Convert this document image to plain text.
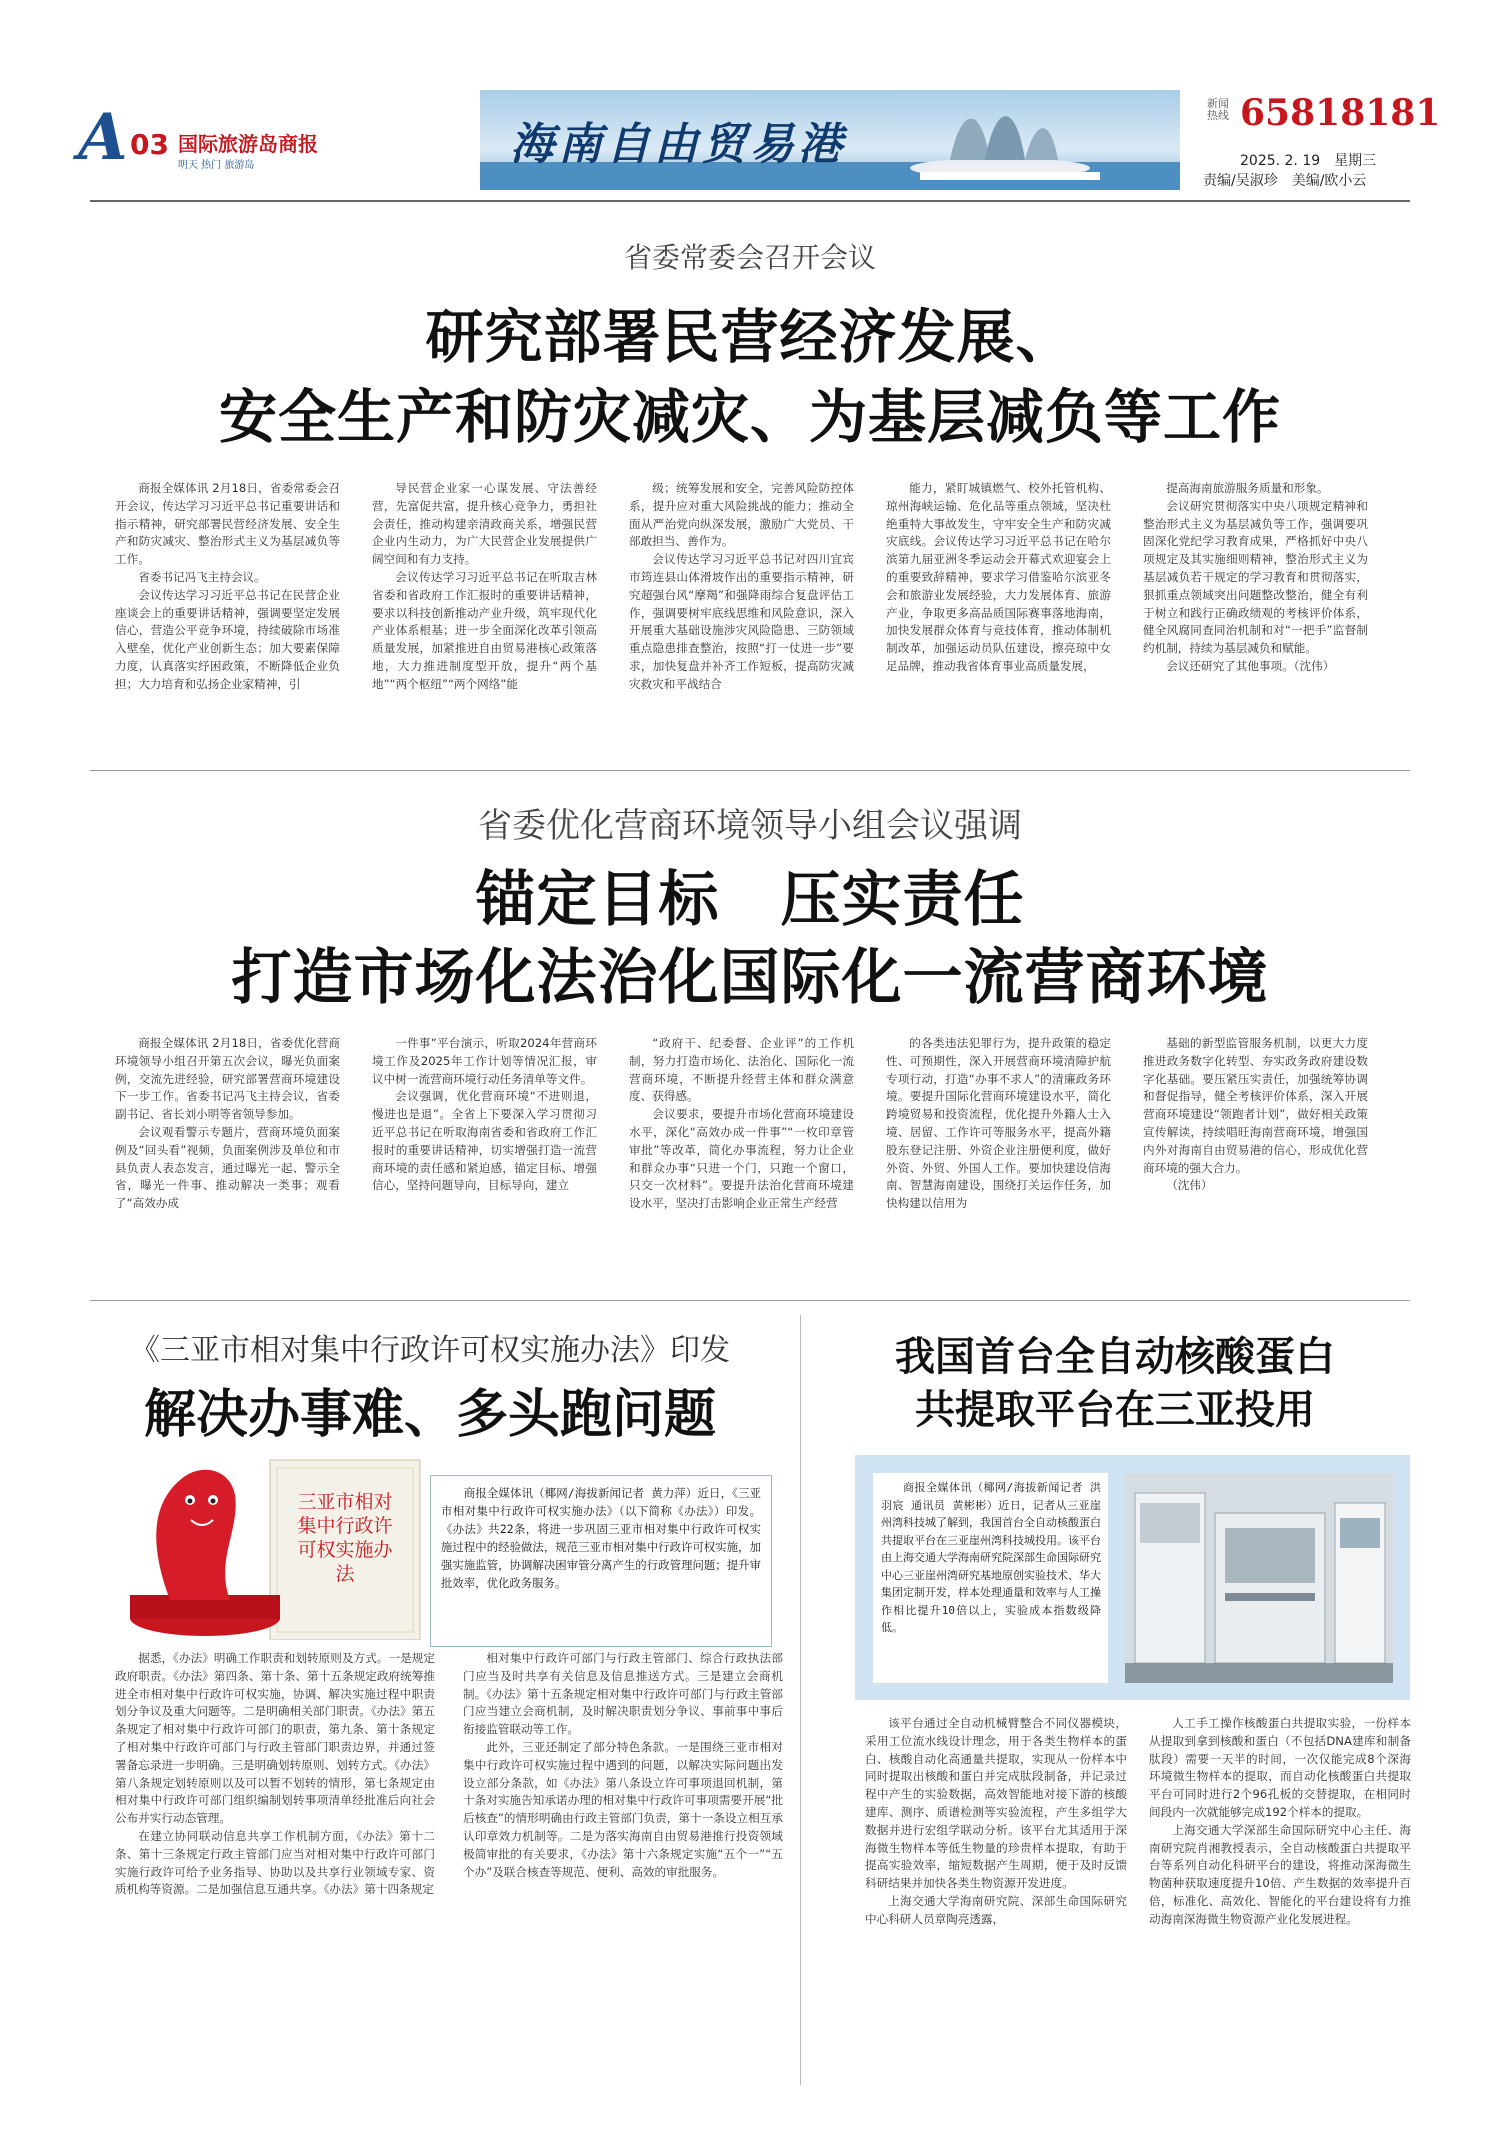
A 03 国际旅游岛商报
明天 热门 旅游岛	海南自由贸易港
新闻热线 65818181
2025. 2. 19　星期三
责编/吴淑珍　美编/欧小云
省委常委会召开会议
研究部署民营经济发展、
安全生产和防灾减灾、为基层减负等工作

商报全媒体讯 2月18日，省委常委会召开会议，传达学习习近平总书记重要讲话和指示精神，研究部署民营经济发展、安全生产和防灾减灾、整治形式主义为基层减负等工作。

省委书记冯飞主持会议。

会议传达学习习近平总书记在民营企业座谈会上的重要讲话精神，强调要坚定发展信心，营造公平竞争环境，持续破除市场准入壁垒，优化产业创新生态；加大要素保障力度，认真落实纾困政策，不断降低企业负担；大力培育和弘扬企业家精神，引

导民营企业家一心谋发展、守法善经营，先富促共富，提升核心竞争力，勇担社会责任，推动构建亲清政商关系，增强民营企业内生动力，为广大民营企业发展提供广阔空间和有力支持。

会议传达学习习近平总书记在听取吉林省委和省政府工作汇报时的重要讲话精神，要求以科技创新推动产业升级，筑牢现代化产业体系根基；进一步全面深化改革引领高质量发展，加紧推进自由贸易港核心政策落地，大力推进制度型开放，提升“两个基地”“两个枢纽”“两个网络”能

级；统筹发展和安全，完善风险防控体系，提升应对重大风险挑战的能力；推动全面从严治党向纵深发展，激励广大党员、干部敢担当、善作为。

会议传达学习习近平总书记对四川宜宾市筠连县山体滑坡作出的重要指示精神，研究超强台风“摩羯”和强降雨综合复盘评估工作，强调要树牢底线思维和风险意识，深入开展重大基础设施涉灾风险隐患、三防领域重点隐患排查整治，按照“打一仗进一步”要求，加快复盘并补齐工作短板，提高防灾减灾救灾和平战结合

能力，紧盯城镇燃气、校外托管机构、琼州海峡运输、危化品等重点领域，坚决杜绝重特大事故发生，守牢安全生产和防灾减灾底线。会议传达学习习近平总书记在哈尔滨第九届亚洲冬季运动会开幕式欢迎宴会上的重要致辞精神，要求学习借鉴哈尔滨亚冬会和旅游业发展经验，大力发展体育、旅游产业，争取更多高品质国际赛事落地海南，加快发展群众体育与竞技体育，推动体制机制改革，加强运动员队伍建设，擦亮琼中女足品牌，推动我省体育事业高质量发展，

提高海南旅游服务质量和形象。

会议研究贯彻落实中央八项规定精神和整治形式主义为基层减负等工作，强调要巩固深化党纪学习教育成果，严格抓好中央八项规定及其实施细则精神，整治形式主义为基层减负若干规定的学习教育和贯彻落实，狠抓重点领域突出问题整改整治，健全有利于树立和践行正确政绩观的考核评价体系，健全风腐同查同治机制和对“一把手”监督制约机制，持续为基层减负和赋能。

会议还研究了其他事项。（沈伟）

省委优化营商环境领导小组会议强调
锚定目标　压实责任
打造市场化法治化国际化一流营商环境

商报全媒体讯 2月18日，省委优化营商环境领导小组召开第五次会议，曝光负面案例，交流先进经验，研究部署营商环境建设下一步工作。省委书记冯飞主持会议，省委副书记、省长刘小明等省领导参加。

会议观看警示专题片，营商环境负面案例及“回头看”视频，负面案例涉及单位和市县负责人表态发言，通过曝光一起、警示全省，曝光一件事、推动解决一类事；观看了“高效办成

一件事”平台演示，听取2024年营商环境工作及2025年工作计划等情况汇报，审议中树一流营商环境行动任务清单等文件。

会议强调，优化营商环境“不进则退，慢进也是退”。全省上下要深入学习贯彻习近平总书记在听取海南省委和省政府工作汇报时的重要讲话精神，切实增强打造一流营商环境的责任感和紧迫感，锚定目标、增强信心，坚持问题导向，目标导向，建立

“政府干、纪委督、企业评”的工作机制，努力打造市场化、法治化、国际化一流营商环境，不断提升经营主体和群众满意度、获得感。

会议要求，要提升市场化营商环境建设水平，深化“高效办成一件事”“一枚印章管审批”等改革，简化办事流程，努力让企业和群众办事“只进一个门，只跑一个窗口，只交一次材料”。要提升法治化营商环境建设水平，坚决打击影响企业正常生产经营

的各类违法犯罪行为，提升政策的稳定性、可预期性，深入开展营商环境清障护航专项行动，打造“办事不求人”的清廉政务环境。要提升国际化营商环境建设水平，简化跨境贸易和投资流程，优化提升外籍人士入境、居留、工作许可等服务水平，提高外籍股东登记注册、外资企业注册便利度，做好外资、外贸、外国人工作。要加快建设信海南、智慧海南建设，围绕打关运作任务，加快构建以信用为

基础的新型监管服务机制，以更大力度推进政务数字化转型、夯实政务政府建设数字化基础。要压紧压实责任，加强统筹协调和督促指导，健全考核评价体系，深入开展营商环境建设“领跑者计划”，做好相关政策宣传解读，持续唱旺海南营商环境，增强国内外对海南自由贸易港的信心，形成优化营商环境的强大合力。

（沈伟）

《三亚市相对集中行政许可权实施办法》印发
解决办事难、多头跑问题
三亚市相对集中行政许可权实施办法

商报全媒体讯（椰网/海拔新闻记者 黄力萍）近日，《三亚市相对集中行政许可权实施办法》（以下简称《办法》）印发。《办法》共22条，将进一步巩固三亚市相对集中行政许可权实施过程中的经验做法，规范三亚市相对集中行政许可权实施，加强实施监管，协调解决困审管分离产生的行政管理问题；提升审批效率，优化政务服务。

据悉，《办法》明确工作职责和划转原则及方式。一是规定政府职责。《办法》第四条、第十条、第十五条规定政府统筹推进全市相对集中行政许可权实施，协调、解决实施过程中职责划分争议及重大问题等。二是明确相关部门职责。《办法》第五条规定了相对集中行政许可部门的职责，第九条、第十条规定了相对集中行政许可部门与行政主管部门职责边界，并通过签署备忘录进一步明确。三是明确划转原则、划转方式。《办法》第八条规定划转原则以及可以暂不划转的情形，第七条规定由相对集中行政许可部门组织编制划转事项清单经批准后向社会公布并实行动态管理。

在建立协同联动信息共享工作机制方面，《办法》第十二条、第十三条规定行政主管部门应当对相对集中行政许可部门实施行政许可给予业务指导、协助以及共享行业领域专家、资质机构等资源。二是加强信息互通共享。《办法》第十四条规定

相对集中行政许可部门与行政主管部门、综合行政执法部门应当及时共享有关信息及信息推送方式。三是建立会商机制。《办法》第十五条规定相对集中行政许可部门与行政主管部门应当建立会商机制，及时解决职责划分争议、事前事中事后衔接监管联动等工作。

此外，三亚还制定了部分特色条款。一是围绕三亚市相对集中行政许可权实施过程中遇到的问题，以解决实际问题出发设立部分条款，如《办法》第八条设立许可事项退回机制，第十条对实施告知承诺办理的相对集中行政许可事项需要开展“批后核查”的情形明确由行政主管部门负责，第十一条设立相互承认印章效力机制等。二是为落实海南自由贸易港推行投资领域极简审批的有关要求，《办法》第十六条规定实施“五个一”“五个办”及联合核查等规范、便利、高效的审批服务。

我国首台全自动核酸蛋白
共提取平台在三亚投用

商报全媒体讯（椰网/海拔新闻记者 洪羽宸 通讯员 黄彬彬）近日，记者从三亚崖州湾科技城了解到，我国首台全自动核酸蛋白共提取平台在三亚崖州湾科技城投用。该平台由上海交通大学海南研究院深部生命国际研究中心三亚崖州湾研究基地原创实验技术、华大集团定制开发，样本处理通量和效率与人工操作相比提升10倍以上，实验成本指数级降低。

该平台通过全自动机械臂整合不同仪器模块，采用工位流水线设计理念，用于各类生物样本的蛋白、核酸自动化高通量共提取，实现从一份样本中同时提取出核酸和蛋白并完成肽段制备，并记录过程中产生的实验数据，高效智能地对接下游的核酸建库、测序、质谱检测等实验流程，产生多组学大数据并进行宏组学联动分析。该平台尤其适用于深海微生物样本等低生物量的珍贵样本提取，有助于提高实验效率，缩短数据产生周期，便于及时反馈科研结果并加快各类生物资源开发进度。

上海交通大学海南研究院、深部生命国际研究中心科研人员章陶亮透露，

人工手工操作核酸蛋白共提取实验，一份样本从提取到拿到核酸和蛋白（不包括DNA建库和制备肽段）需要一天半的时间，一次仅能完成8个深海环境微生物样本的提取，而自动化核酸蛋白共提取平台可同时进行2个96孔板的交替提取，在相同时间段内一次就能够完成192个样本的提取。

上海交通大学深部生命国际研究中心主任、海南研究院肖湘教授表示，全自动核酸蛋白共提取平台等系列自动化科研平台的建设，将推动深海微生物菌种获取速度提升10倍、产生数据的效率提升百倍，标准化、高效化、智能化的平台建设将有力推动海南深海微生物资源产业化发展进程。
